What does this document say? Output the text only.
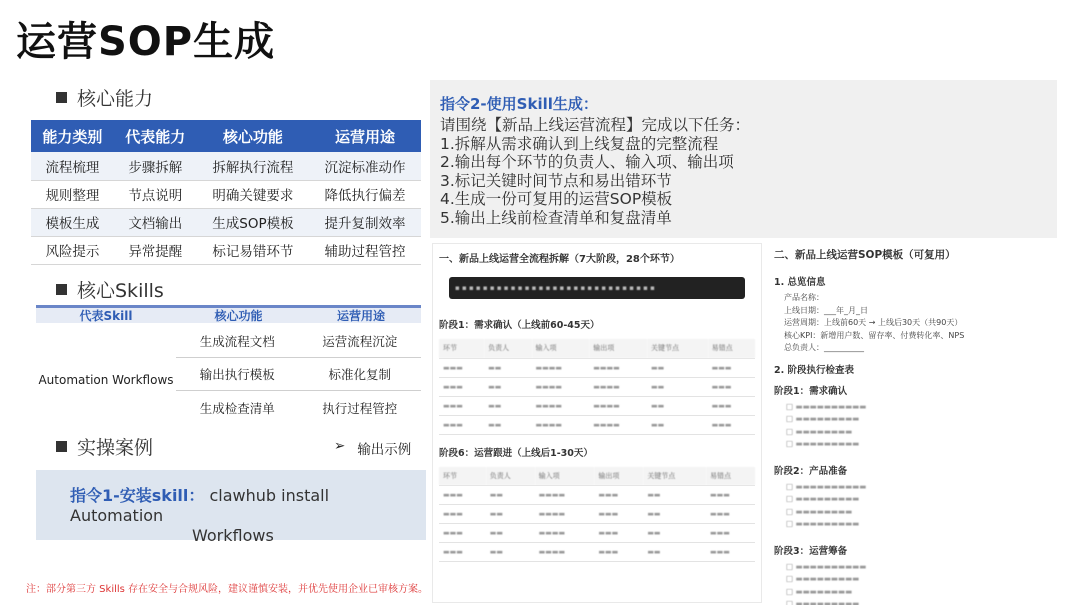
运营SOP生成
核心能力
能力类别	代表能力	核心功能	运营用途
流程梳理	步骤拆解	拆解执行流程	沉淀标准动作
规则整理	节点说明	明确关键要求	降低执行偏差
模板生成	文档输出	生成SOP模板	提升复制效率
风险提示	异常提醒	标记易错环节	辅助过程管控
核心Skills
代表Skill	核心功能	运营用途
Automation Workflows
生成流程文档	运营流程沉淀
输出执行模板	标准化复制
生成检查清单	执行过程管控
实操案例	➢ 输出示例
指令1-安装skill： clawhub install Automation
Workflows
注：部分第三方 Skills 存在安全与合规风险，建议谨慎安装，并优先使用企业已审核方案。
指令2-使用Skill生成：
请围绕【新品上线运营流程】完成以下任务：
1.拆解从需求确认到上线复盘的完整流程
2.输出每个环节的负责人、输入项、输出项
3.标记关键时间节点和易出错环节
4.生成一份可复用的运营SOP模板
5.输出上线前检查清单和复盘清单
一、新品上线运营全流程拆解（7大阶段，28个环节）
▪ ▪ ▪ ▪ ▪ ▪ ▪ ▪ ▪ ▪ ▪ ▪ ▪ ▪ ▪ ▪ ▪ ▪ ▪ ▪ ▪ ▪ ▪ ▪ ▪ ▪ ▪ ▪ ▪
阶段1：需求确认（上线前60-45天）
环节	负责人	输入项	输出项	关键节点	易错点
▬▬▬	▬▬	▬▬▬▬	▬▬▬▬	▬▬	▬▬▬
▬▬▬	▬▬	▬▬▬▬	▬▬▬▬	▬▬	▬▬▬
▬▬▬	▬▬	▬▬▬▬	▬▬▬▬	▬▬	▬▬▬
▬▬▬	▬▬	▬▬▬▬	▬▬▬▬	▬▬	▬▬▬
阶段6：运营跟进（上线后1-30天）
环节	负责人	输入项	输出项	关键节点	易错点
▬▬▬	▬▬	▬▬▬▬	▬▬▬	▬▬	▬▬▬
▬▬▬	▬▬	▬▬▬▬	▬▬▬	▬▬	▬▬▬
▬▬▬	▬▬	▬▬▬▬	▬▬▬	▬▬	▬▬▬
▬▬▬	▬▬	▬▬▬▬	▬▬▬	▬▬	▬▬▬
二、新品上线运营SOP模板（可复用）
1. 总览信息
产品名称：
上线日期：___年_月_日
运营周期：上线前60天 → 上线后30天（共90天）
核心KPI：新增用户数、留存率、付费转化率、NPS
总负责人：__________
2. 阶段执行检查表
阶段1：需求确认
□ ▬▬▬▬▬▬▬▬▬▬
□ ▬▬▬▬▬▬▬▬▬
□ ▬▬▬▬▬▬▬▬
□ ▬▬▬▬▬▬▬▬▬
阶段2：产品准备
□ ▬▬▬▬▬▬▬▬▬▬
□ ▬▬▬▬▬▬▬▬▬
□ ▬▬▬▬▬▬▬▬
□ ▬▬▬▬▬▬▬▬▬
阶段3：运营筹备
□ ▬▬▬▬▬▬▬▬▬▬
□ ▬▬▬▬▬▬▬▬▬
□ ▬▬▬▬▬▬▬▬
□ ▬▬▬▬▬▬▬▬▬
